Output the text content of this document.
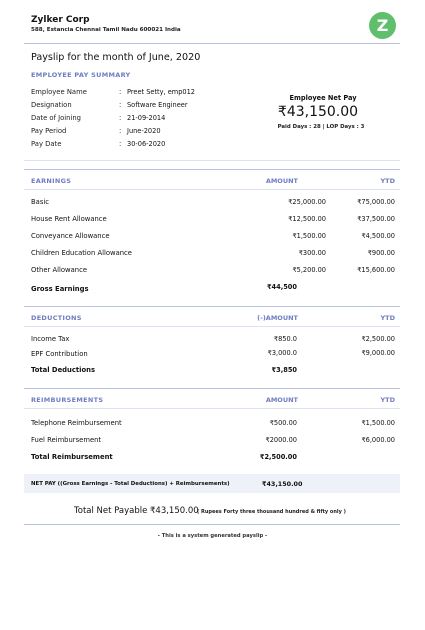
Zylker Corp
588, Estancia Chennai Tamil Nadu 600021 India	Z
Payslip for the month of June, 2020
EMPLOYEE PAY SUMMARY
Employee Name	: Preet Setty, emp012
Designation	: Software Engineer
Date of Joining	: 21-09-2014
Pay Period	: June-2020
Pay Date	: 30-06-2020
Employee Net Pay
₹43,150.00
Paid Days : 28 | LOP Days : 3
EARNINGS	AMOUNT	YTD
Basic	₹25,000.00	₹75,000.00
House Rent Allowance	₹12,500.00	₹37,500.00
Conveyance Allowance	₹1,500.00	₹4,500.00
Children Education Allowance	₹300.00	₹900.00
Other Allowance	₹5,200.00	₹15,600.00
Gross Earnings	₹44,500
DEDUCTIONS	(-)AMOUNT	YTD
Income Tax	₹850.0	₹2,500.00
EPF Contribution	₹3,000.0	₹9,000.00
Total Deductions	₹3,850
REIMBURSEMENTS	AMOUNT	YTD
Telephone Reimbursement	₹500.00	₹1,500.00
Fuel Reimbursement	₹2000.00	₹6,000.00
Total Reimbursement	₹2,500.00
NET PAY ((Gross Earnings - Total Deductions) + Reimbursements)	₹43,150.00
Total Net Payable ₹43,150.00
( Rupees Forty three thousand hundred & fifty only )
- This is a system generated payslip -
